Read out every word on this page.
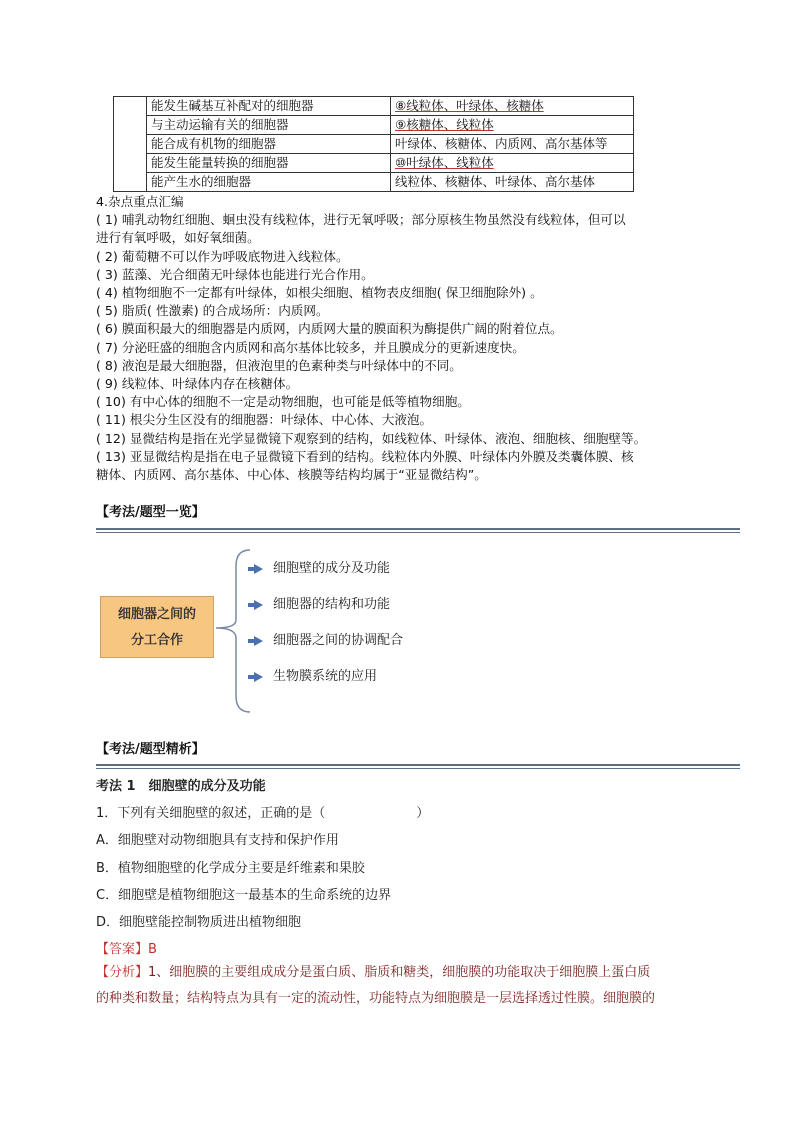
	能发生碱基互补配对的细胞器	⑧线粒体、叶绿体、核糖体
	与主动运输有关的细胞器	⑨核糖体、线粒体
	能合成有机物的细胞器	叶绿体、核糖体、内质网、高尔基体等
	能发生能量转换的细胞器	⑩叶绿体、线粒体
	能产生水的细胞器	线粒体、核糖体、叶绿体、高尔基体
4.杂点重点汇编
( 1) 哺乳动物红细胞、蛔虫没有线粒体，进行无氧呼吸；部分原核生物虽然没有线粒体，但可以
进行有氧呼吸，如好氧细菌。
( 2) 葡萄糖不可以作为呼吸底物进入线粒体。
( 3) 蓝藻、光合细菌无叶绿体也能进行光合作用。
( 4) 植物细胞不一定都有叶绿体，如根尖细胞、植物表皮细胞( 保卫细胞除外) 。
( 5) 脂质( 性激素) 的合成场所：内质网。
( 6) 膜面积最大的细胞器是内质网，内质网大量的膜面积为酶提供广阔的附着位点。
( 7) 分泌旺盛的细胞含内质网和高尔基体比较多，并且膜成分的更新速度快。
( 8) 液泡是最大细胞器，但液泡里的色素种类与叶绿体中的不同。
( 9) 线粒体、叶绿体内存在核糖体。
( 10) 有中心体的细胞不一定是动物细胞，也可能是低等植物细胞。
( 11) 根尖分生区没有的细胞器：叶绿体、中心体、大液泡。
( 12) 显微结构是指在光学显微镜下观察到的结构，如线粒体、叶绿体、液泡、细胞核、细胞壁等。
( 13) 亚显微结构是指在电子显微镜下看到的结构。线粒体内外膜、叶绿体内外膜及类囊体膜、核
糖体、内质网、高尔基体、中心体、核膜等结构均属于“亚显微结构”。
【考法/题型一览】
细胞器之间的
分工合作
细胞壁的成分及功能
细胞器的结构和功能
细胞器之间的协调配合
生物膜系统的应用
【考法/题型精析】
考法 1　细胞壁的成分及功能
1．下列有关细胞壁的叙述，正确的是（　　　　　　　）
A．细胞壁对动物细胞具有支持和保护作用
B．植物细胞壁的化学成分主要是纤维素和果胶
C．细胞壁是植物细胞这一最基本的生命系统的边界
D．细胞壁能控制物质进出植物细胞
【答案】B
【分析】1、细胞膜的主要组成成分是蛋白质、脂质和糖类，细胞膜的功能取决于细胞膜上蛋白质
的种类和数量；结构特点为具有一定的流动性，功能特点为细胞膜是一层选择透过性膜。细胞膜的
